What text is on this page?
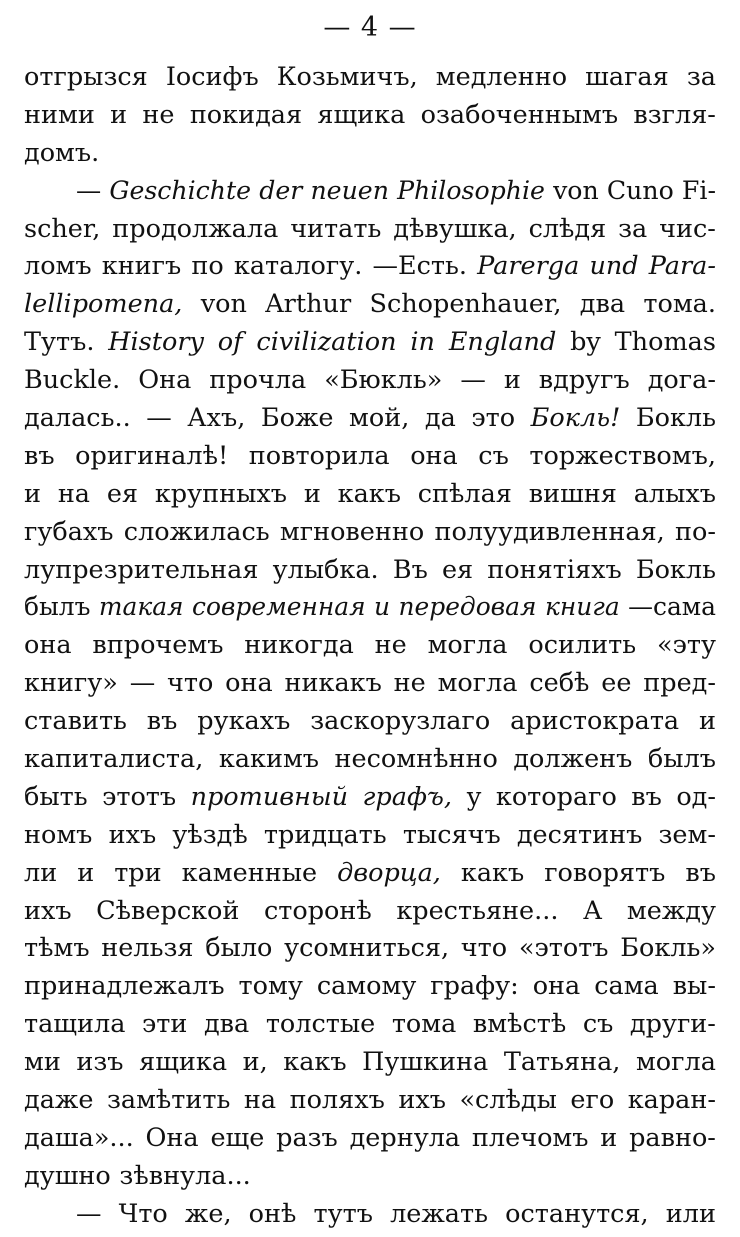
— 4 —
отгрызся Іосифъ Козьмичъ, медленно шагая за
ними и не покидая ящика озабоченнымъ взгля-
домъ.
— Geschichte der neuen Philosophie von Cuno Fi-
scher, продолжала читать дѣвушка, слѣдя за чис-
ломъ книгъ по каталогу. —Есть. Parerga und Para-
lellipomena, von Arthur Schopenhauer, два тома.
Тутъ. History of civilization in England by Thomas
Buckle. Она прочла «Бюкль» — и вдругъ догa-
далась.. — Ахъ, Боже мой, да это Бокль! Бокль
въ оригиналѣ! повторила она съ торжествомъ,
и на ея крупныхъ и какъ спѣлая вишня алыхъ
губахъ сложилась мгновенно полуудивленная, по-
лупрезрительная улыбка. Въ ея понятіяхъ Бокль
былъ такая современная и передовая книга —сама
она впрочемъ никогда не могла осилить «эту
книгу» — что она никакъ не могла себѣ ее пред-
ставить въ рукахъ заскорузлаго аристократа и
капиталиста, какимъ несомнѣнно долженъ былъ
быть этотъ противный графъ, у котораго въ од-
номъ ихъ уѣздѣ тридцать тысячъ десятинъ зем-
ли и три каменные дворца, какъ говорятъ въ
ихъ Сѣверской сторонѣ крестьяне... А между
тѣмъ нельзя было усомниться, что «этотъ Бокль»
принадлежалъ тому самому графу: она сама вы-
тащила эти два толстые тома вмѣстѣ съ други-
ми изъ ящика и, какъ Пушкина Татьяна, могла
даже замѣтить на поляхъ ихъ «слѣды его каран-
даша»... Она еще разъ дернула плечомъ и равно-
душно зѣвнула...
— Что же, онѣ тутъ лежать останутся, или
